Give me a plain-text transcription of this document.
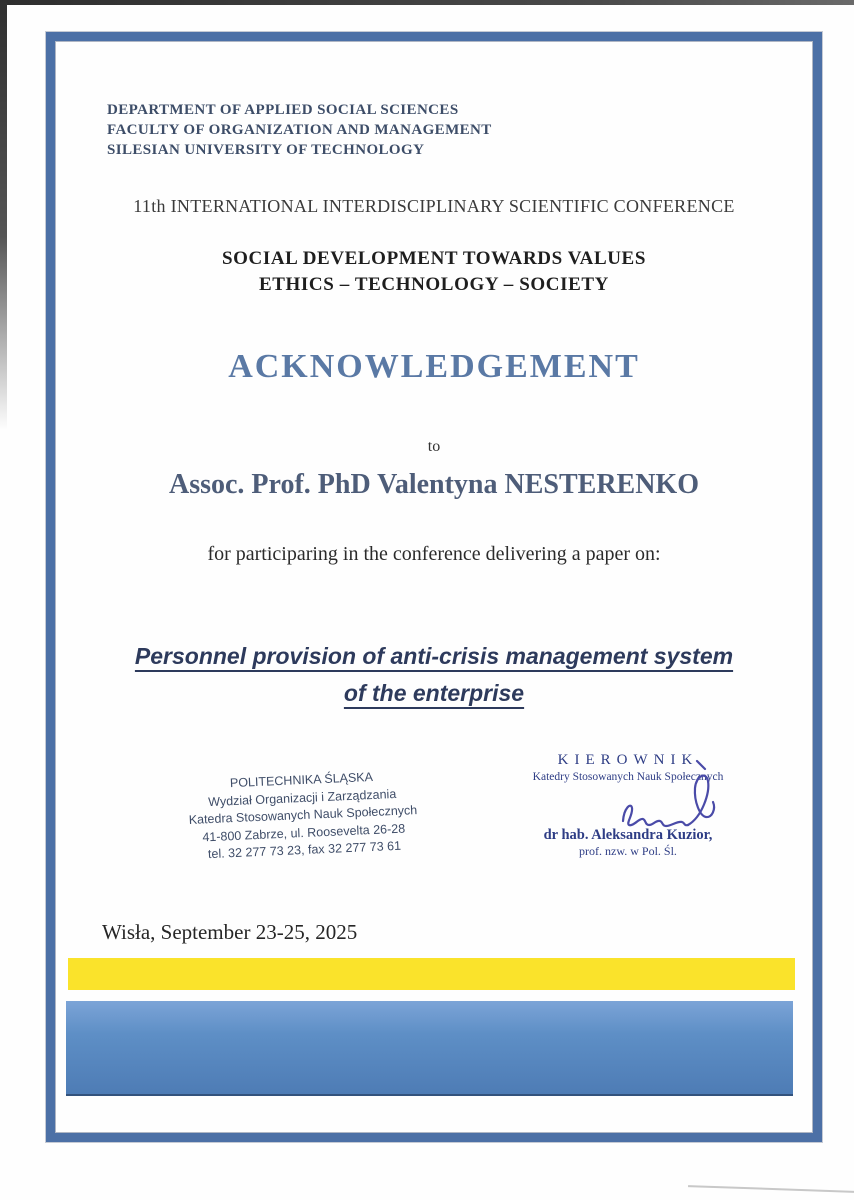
DEPARTMENT OF APPLIED SOCIAL SCIENCES
FACULTY OF ORGANIZATION AND MANAGEMENT
SILESIAN UNIVERSITY OF TECHNOLOGY
11th INTERNATIONAL INTERDISCIPLINARY SCIENTIFIC CONFERENCE
SOCIAL DEVELOPMENT TOWARDS VALUES
ETHICS – TECHNOLOGY – SOCIETY
ACKNOWLEDGEMENT
to
Assoc. Prof. PhD Valentyna NESTERENKO
for participaring in the conference delivering a paper on:
Personnel provision of anti-crisis management system
of the enterprise
POLITECHNIKA ŚLĄSKA
Wydział Organizacji i Zarządzania
Katedra Stosowanych Nauk Społecznych
41-800 Zabrze, ul. Roosevelta 26-28
tel. 32 277 73 23, fax 32 277 73 61
KIEROWNIK
Katedry Stosowanych Nauk Społecznych
dr hab. Aleksandra Kuzior,
prof. nzw. w Pol. Śl.
Wisła, September 23-25, 2025
